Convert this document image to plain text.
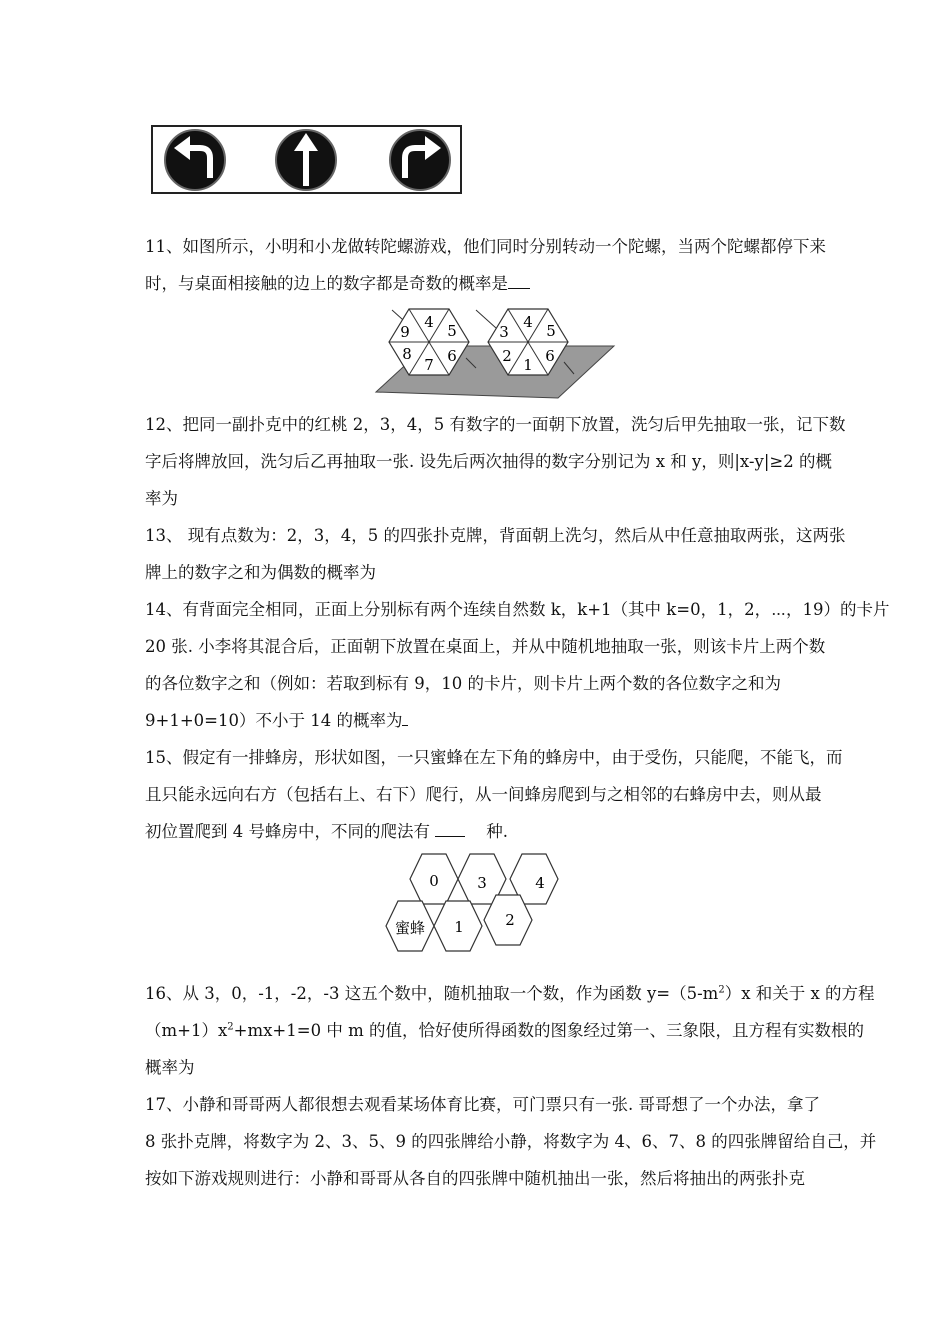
11、如图所示，小明和小龙做转陀螺游戏，他们同时分别转动一个陀螺，当两个陀螺都停下来
时，与桌面相接触的边上的数字都是奇数的概率是
4 5
6
7
8
9
4 5
6
1
2
3
12、把同一副扑克中的红桃 2，3，4，5 有数字的一面朝下放置，洗匀后甲先抽取一张，记下数
字后将牌放回，洗匀后乙再抽取一张. 设先后两次抽得的数字分别记为 x 和 y，则|x-y|≥2 的概
率为
13、 现有点数为：2，3，4，5 的四张扑克牌，背面朝上洗匀，然后从中任意抽取两张，这两张
牌上的数字之和为偶数的概率为
14、有背面完全相同，正面上分别标有两个连续自然数 k，k+1（其中 k=0，1，2，⋯，19）的卡片
20 张. 小李将其混合后，正面朝下放置在桌面上，并从中随机地抽取一张，则该卡片上两个数
的各位数字之和（例如：若取到标有 9，10 的卡片，则卡片上两个数的各位数字之和为
9+1+0=10）不小于 14 的概率为
15、假定有一排蜂房，形状如图，一只蜜蜂在左下角的蜂房中，由于受伤，只能爬，不能飞，而
且只能永远向右方（包括右上、右下）爬行，从一间蜂房爬到与之相邻的右蜂房中去，则从最
初位置爬到 4 号蜂房中，不同的爬法有	种.
0	3	4
1	2
蜜蜂
16、从 3，0，-1，-2，-3 这五个数中，随机抽取一个数，作为函数 $y=(5-m^2)x$ 和关于 x 的方程
$(m+1)x^2+mx+1=0$ 中 m 的值，恰好使所得函数的图象经过第一、三象限，且方程有实数根的
概率为
17、小静和哥哥两人都很想去观看某场体育比赛，可门票只有一张. 哥哥想了一个办法，拿了
8 张扑克牌，将数字为 2、3、5、9 的四张牌给小静，将数字为 4、6、7、8 的四张牌留给自己，并
按如下游戏规则进行：小静和哥哥从各自的四张牌中随机抽出一张，然后将抽出的两张扑克
